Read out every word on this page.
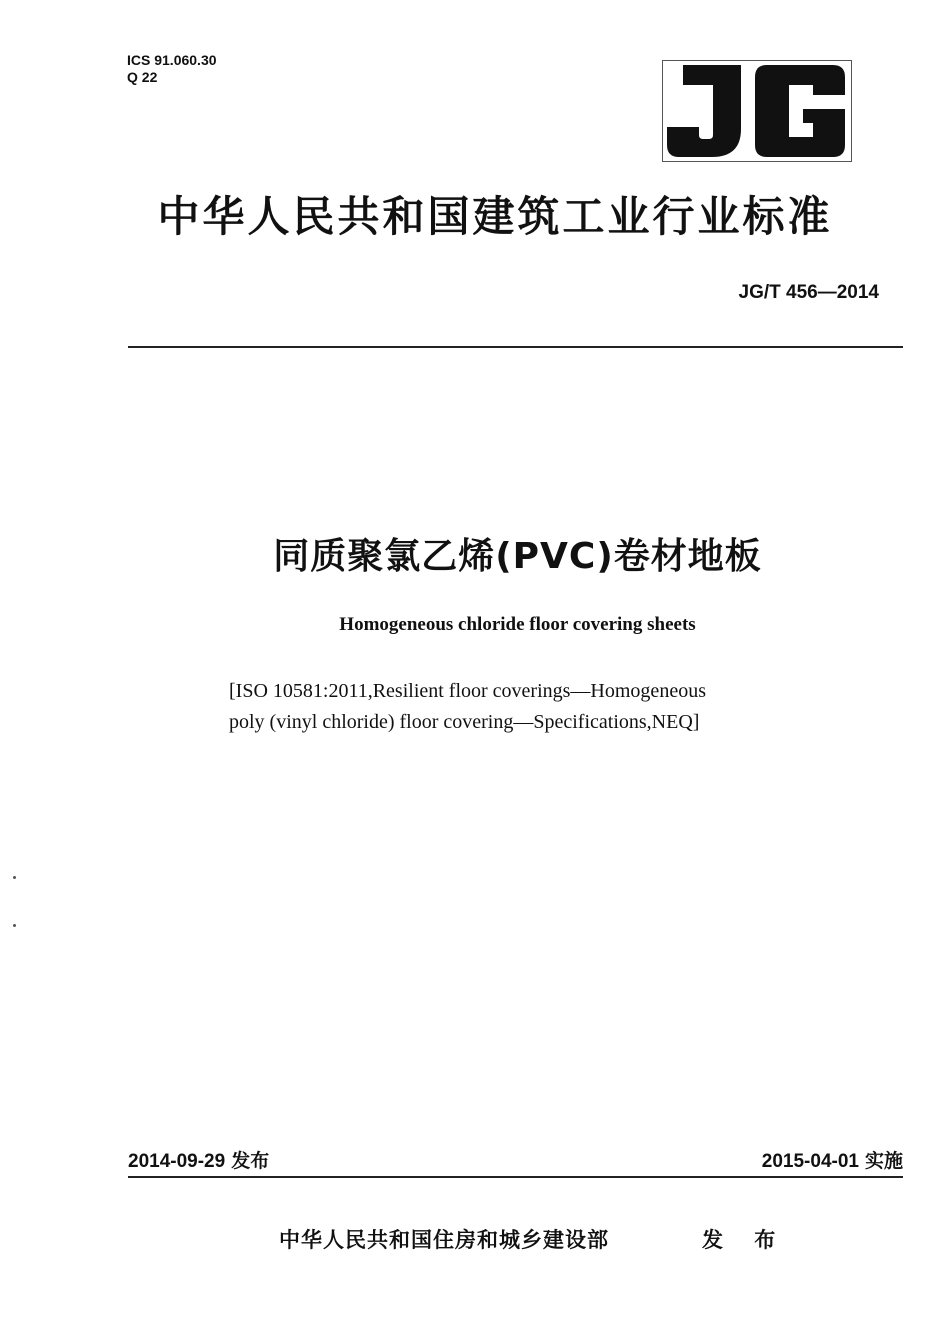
ICS 91.060.30
Q 22
中华人民共和国建筑工业行业标准
JG/T 456—2014
同质聚氯乙烯(PVC)卷材地板
Homogeneous chloride floor covering sheets
[ISO 10581:2011,Resilient floor coverings—Homogeneous
poly (vinyl chloride) floor covering—Specifications,NEQ]
2014-09-29 发布	2015-04-01 实施
中华人民共和国住房和城乡建设部	发 布
